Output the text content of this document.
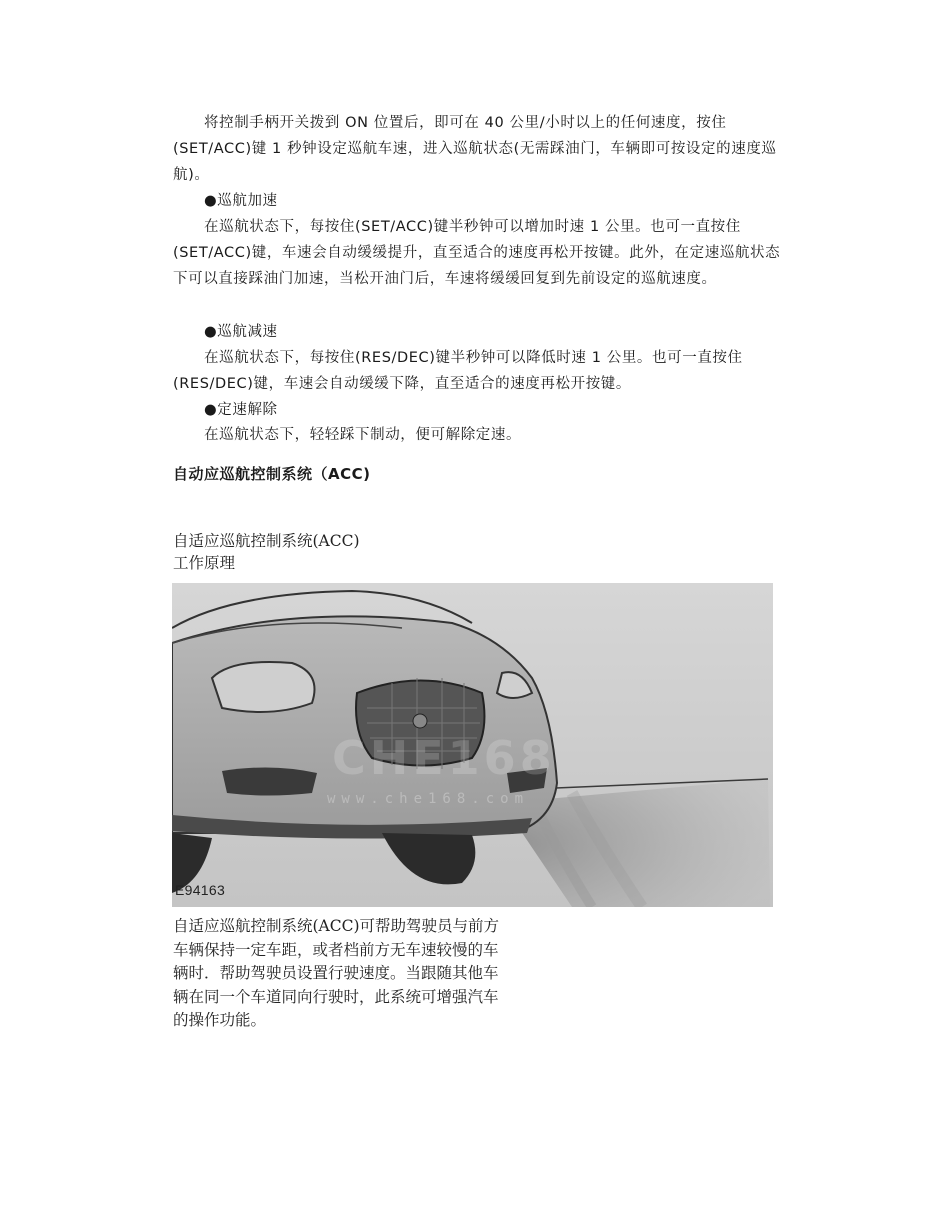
将控制手柄开关拨到 ON 位置后，即可在 40 公里/小时以上的任何速度，按住(SET/ACC)键 1 秒钟设定巡航车速，进入巡航状态(无需踩油门，车辆即可按设定的速度巡航)。
●巡航加速
在巡航状态下，每按住(SET/ACC)键半秒钟可以增加时速 1 公里。也可一直按住(SET/ACC)键，车速会自动缓缓提升，直至适合的速度再松开按键。此外，在定速巡航状态下可以直接踩油门加速，当松开油门后，车速将缓缓回复到先前设定的巡航速度。
●巡航减速
在巡航状态下，每按住(RES/DEC)键半秒钟可以降低时速 1 公里。也可一直按住(RES/DEC)键，车速会自动缓缓下降，直至适合的速度再松开按键。
●定速解除
在巡航状态下，轻轻踩下制动，便可解除定速。
自动应巡航控制系统（ACC)
自适应巡航控制系统(ACC)
工作原理
CHE168
www.che168.com
E94163
自适应巡航控制系统(ACC)可帮助驾驶员与前方车辆保持一定车距，或者档前方无车速较慢的车辆时．帮助驾驶员设置行驶速度。当跟随其他车辆在同一个车道同向行驶时，此系统可增强汽车的操作功能。
